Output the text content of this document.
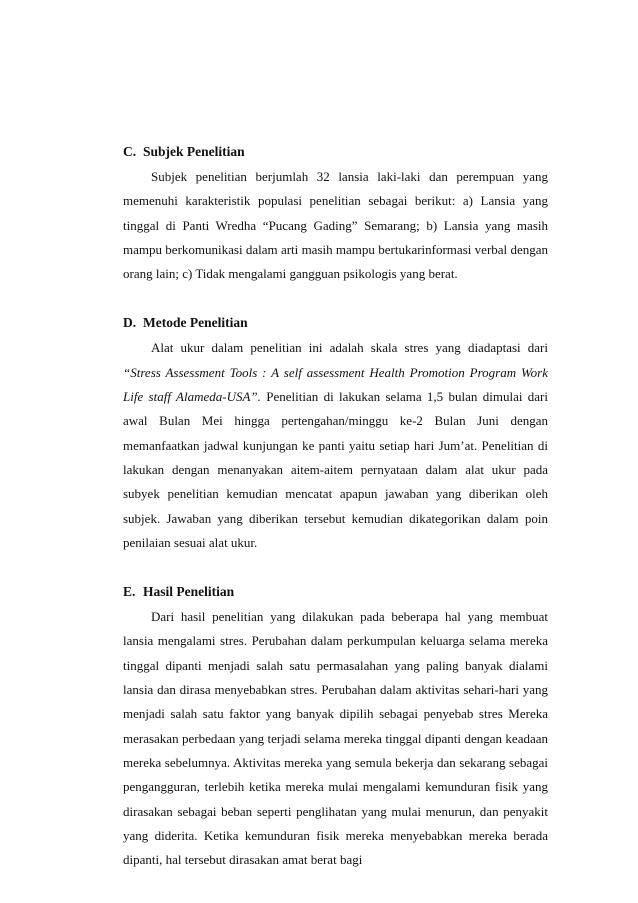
C. Subjek Penelitian

Subjek penelitian berjumlah 32 lansia laki-laki dan perempuan yang memenuhi karakteristik populasi penelitian sebagai berikut: a) Lansia yang tinggal di Panti Wredha “Pucang Gading” Semarang; b) Lansia yang masih mampu berkomunikasi dalam arti masih mampu bertukarinformasi verbal dengan orang lain; c) Tidak mengalami gangguan psikologis yang berat.

D. Metode Penelitian

Alat ukur dalam penelitian ini adalah skala stres yang diadaptasi dari “Stress Assessment Tools : A self assessment Health Promotion Program Work Life staff Alameda-USA”. Penelitian di lakukan selama 1,5 bulan dimulai dari awal Bulan Mei hingga pertengahan/minggu ke-2 Bulan Juni dengan memanfaatkan jadwal kunjungan ke panti yaitu setiap hari Jum’at. Penelitian di lakukan dengan menanyakan aitem-aitem pernyataan dalam alat ukur pada subyek penelitian kemudian mencatat apapun jawaban yang diberikan oleh subjek. Jawaban yang diberikan tersebut kemudian dikategorikan dalam poin penilaian sesuai alat ukur.

E. Hasil Penelitian

Dari hasil penelitian yang dilakukan pada beberapa hal yang membuat lansia mengalami stres. Perubahan dalam perkumpulan keluarga selama mereka tinggal dipanti menjadi salah satu permasalahan yang paling banyak dialami lansia dan dirasa menyebabkan stres. Perubahan dalam aktivitas sehari-hari yang menjadi salah satu faktor yang banyak dipilih sebagai penyebab stres Mereka merasakan perbedaan yang terjadi selama mereka tinggal dipanti dengan keadaan mereka sebelumnya. Aktivitas mereka yang semula bekerja dan sekarang sebagai pengangguran, terlebih ketika mereka mulai mengalami kemunduran fisik yang dirasakan sebagai beban seperti penglihatan yang mulai menurun, dan penyakit yang diderita. Ketika kemunduran fisik mereka menyebabkan mereka berada dipanti, hal tersebut dirasakan amat berat bagi
